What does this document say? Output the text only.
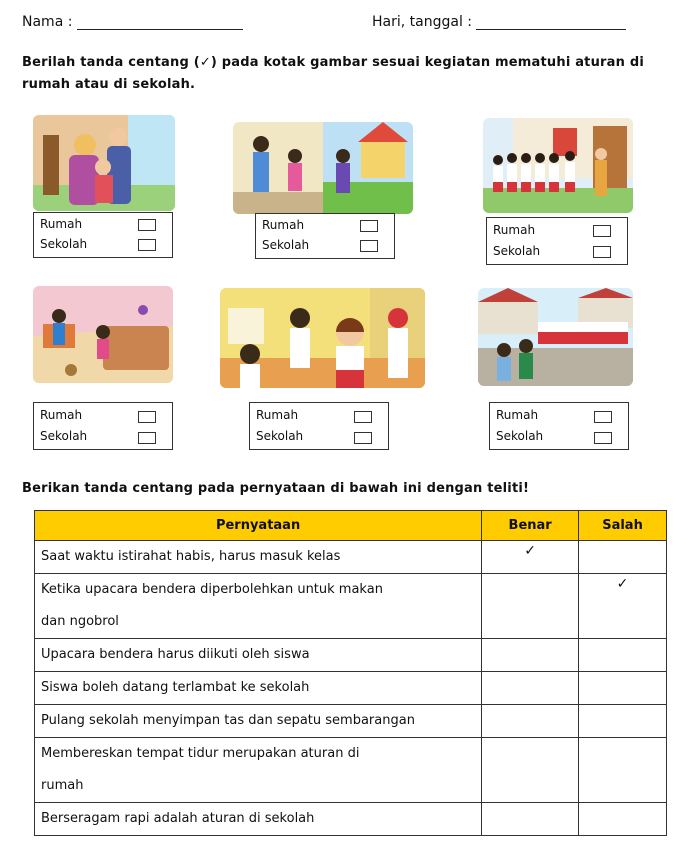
Nama :	Hari, tanggal :
Berilah tanda centang (✓) pada kotak gambar sesuai kegiatan mematuhi aturan di rumah atau di sekolah.
Rumah
Sekolah
Rumah
Sekolah
Rumah
Sekolah
Rumah
Sekolah
Rumah
Sekolah
Rumah
Sekolah
Berikan tanda centang pada pernyataan di bawah ini dengan teliti!
Pernyataan	Benar	Salah
Saat waktu istirahat habis, harus masuk kelas	✓	

Ketika upacara bendera diperbolehkan untuk makan
dan ngobrol		✓
Upacara bendera harus diikuti oleh siswa		
Siswa boleh datang terlambat ke sekolah		
Pulang sekolah menyimpan tas dan sepatu sembarangan		

Membereskan tempat tidur merupakan aturan di
rumah		

Berseragam rapi adalah aturan di sekolah		
